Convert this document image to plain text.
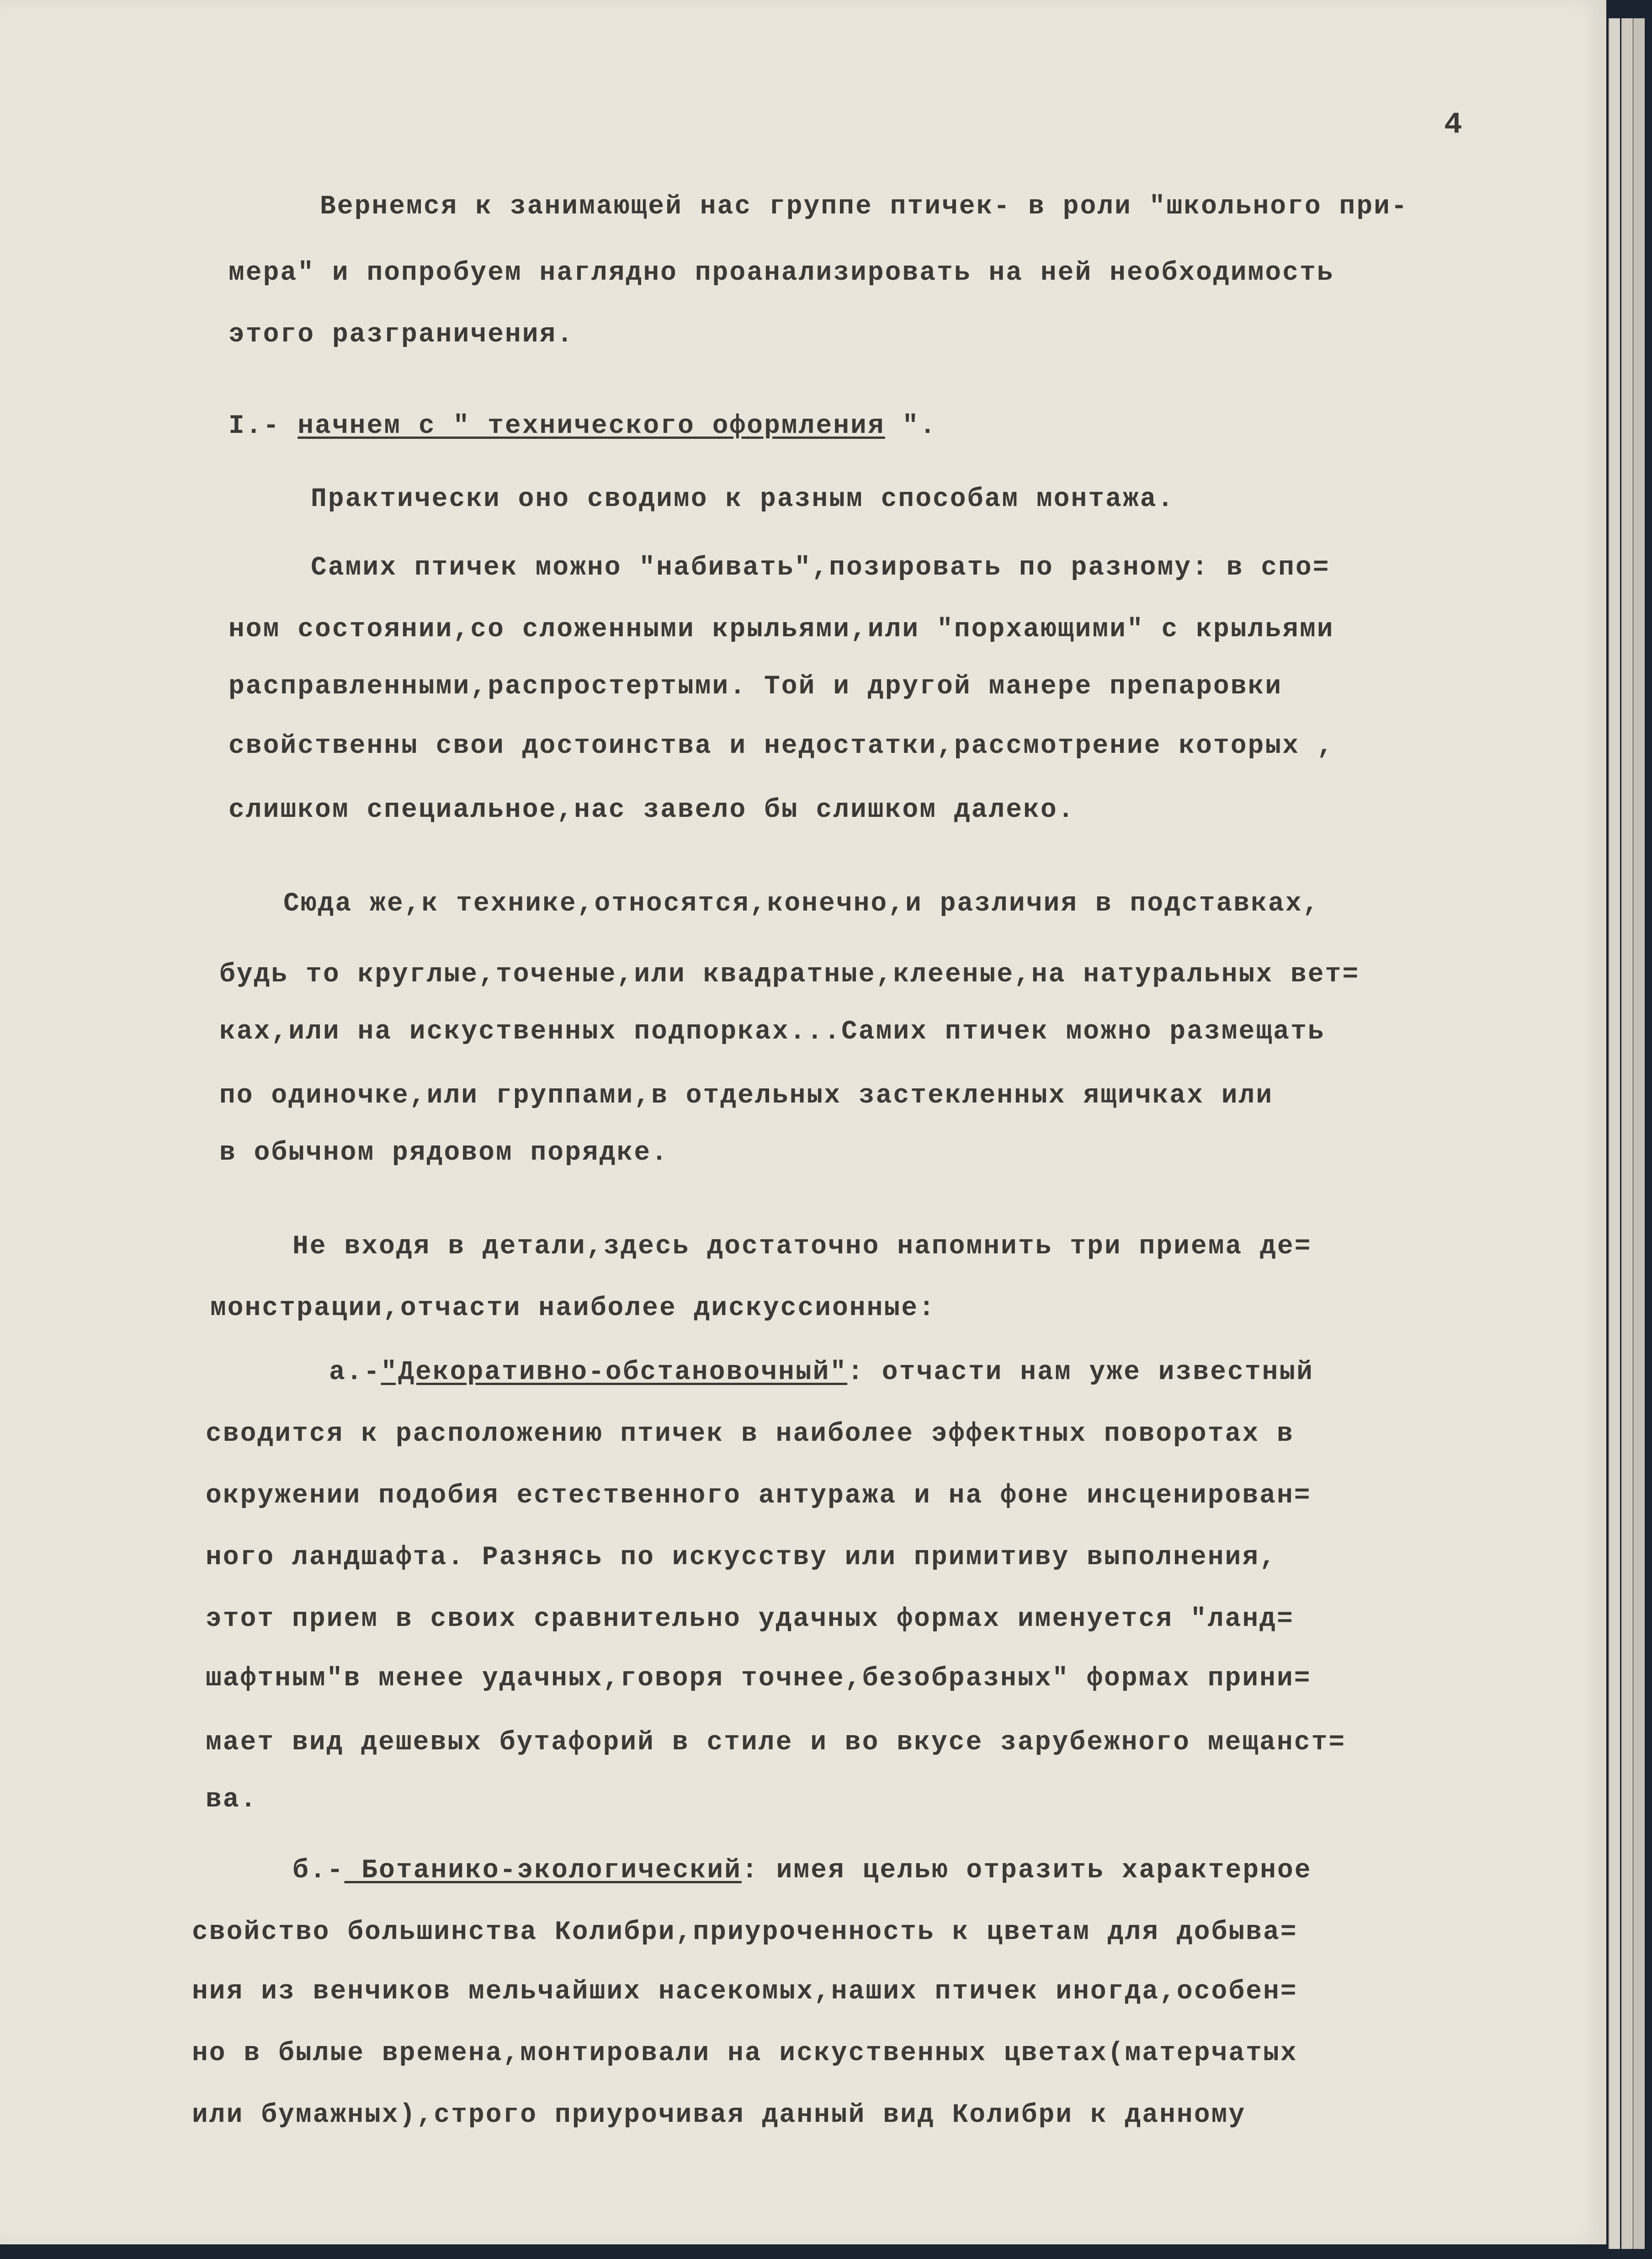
4
Вернемся к занимающей нас группе птичек- в роли "школьного при-
мера" и попробуем наглядно проанализировать на ней необходимость
этого разграничения.
I.- начнем с " технического оформления ".
Практически оно сводимо к разным способам монтажа.
Самих птичек можно "набивать",позировать по разному: в спо=
ном состоянии,со сложенными крыльями,или "порхающими" с крыльями
расправленными,распростертыми. Той и другой манере препаровки
свойственны свои достоинства и недостатки,рассмотрение которых ,
слишком специальное,нас завело бы слишком далеко.
Сюда же,к технике,относятся,конечно,и различия в подставках,
будь то круглые,точеные,или квадратные,клееные,на натуральных вет=
ках,или на искуственных подпорках...Самих птичек можно размещать
по одиночке,или группами,в отдельных застекленных ящичках или
в обычном рядовом порядке.
Не входя в детали,здесь достаточно напомнить три приема де=
монстрации,отчасти наиболее дискуссионные:
а.-"Декоративно-обстановочный": отчасти нам уже известный
сводится к расположению птичек в наиболее эффектных поворотах в
окружении подобия естественного антуража и на фоне инсценирован=
ного ландшафта. Разнясь по искусству или примитиву выполнения,
этот прием в своих сравнительно удачных формах именуется "ланд=
шафтным"в менее удачных,говоря точнее,безобразных" формах прини=
мает вид дешевых бутафорий в стиле и во вкусе зарубежного мещанст=
ва.
б.- Ботанико-экологический: имея целью отразить характерное
свойство большинства Колибри,приуроченность к цветам для добыва=
ния из венчиков мельчайших насекомых,наших птичек иногда,особен=
но в былые времена,монтировали на искуственных цветах(матерчатых
или бумажных),строго приурочивая данный вид Колибри к данному
